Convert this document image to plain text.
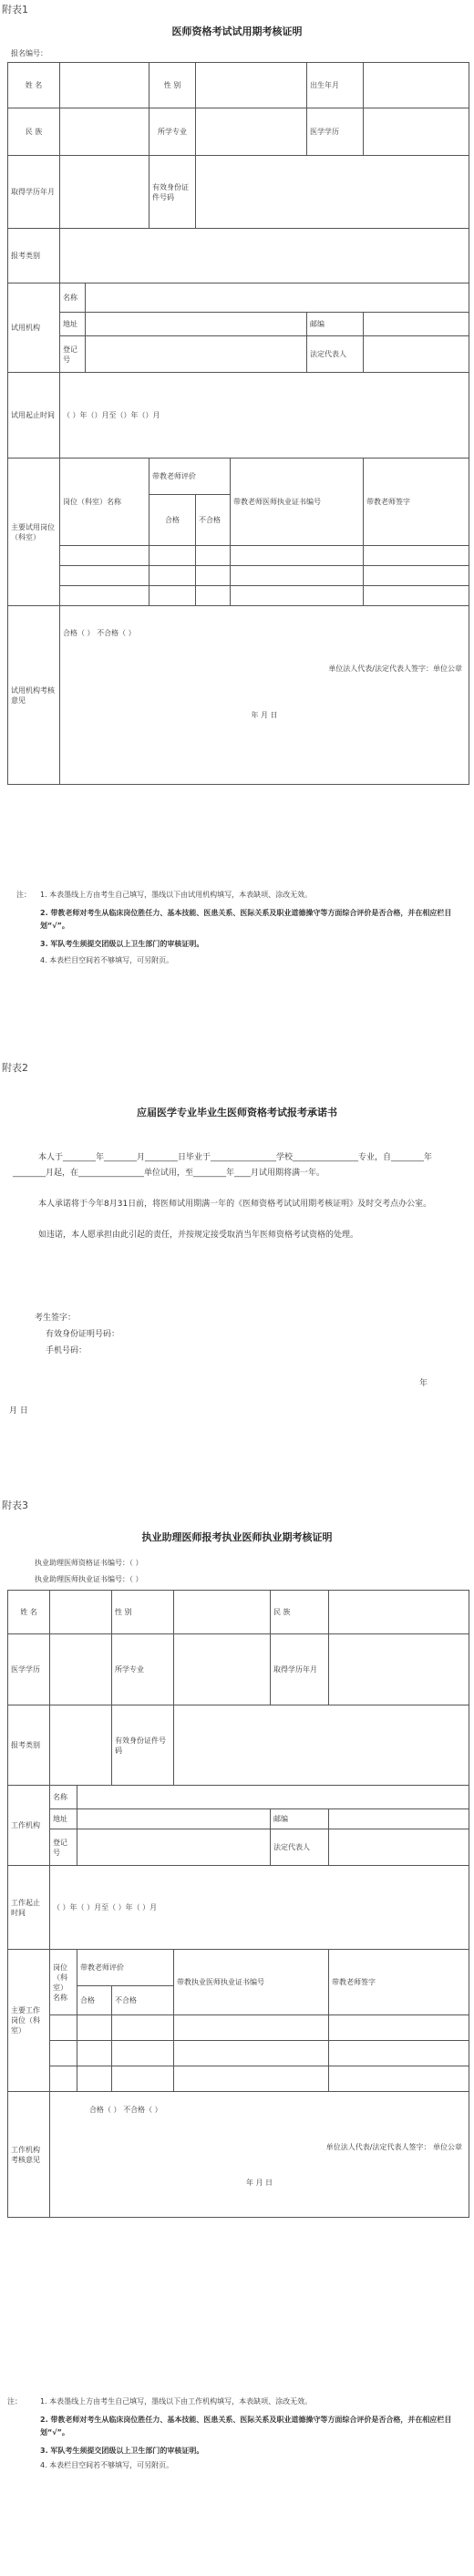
附表1
医师资格考试试用期考核证明
报名编号：
姓 名			性 别			出生年月	
民 族			所学专业			医学学历	
取得学历年月			有效身份证件号码				
报考类别							
试用机构	名称						
	地址					邮编	
	登记号					法定代表人	
试用起止时间	（ ）年（）月至（）年（）月						
主要试用岗位（科室）	岗位（科室）名称		带教老师评价		带教老师医师执业证书编号		带教老师签字
			合格	不合格			

试用机构考核意见	合格（ ） 不合格（ ）
单位法人代表/法定代表人签字：单位公章
年 月 日						
注：	1. 本表墨线上方由考生自己填写，墨线以下由试用机构填写，本表缺项、涂改无效。
2. 带教老师对考生从临床岗位胜任力、基本技能、医患关系、医际关系及职业道德操守等方面综合评价是否合格，并在相应栏目划“√”。
3. 军队考生须提交团级以上卫生部门的审核证明。
4. 本表栏目空间若不够填写，可另附页。
附表2
应届医学专业毕业生医师资格考试报考承诺书
本人于________年________月________日毕业于________________学校________________专业，自________年________月起，在________________单位试用，至________年____月试用期将满一年。
本人承诺将于今年8月31日前，将医师试用期满一年的《医师资格考试试用期考核证明》及时交考点办公室。
如违诺，本人愿承担由此引起的责任，并按规定接受取消当年医师资格考试资格的处理。
考生签字：
有效身份证明号码：
手机号码：
年
月 日
附表3
执业助理医师报考执业医师执业期考核证明
执业助理医师资格证书编号：（ ）
执业助理医师执业证书编号：（ ）
姓 名			性 别		民 族	
医学学历			所学专业		取得学历年月	
报考类别			有效身份证件号码			
工作机构	名称					
	地址				邮编	
	登记号				法定代表人	
工作起止时间	（ ）年（ ）月至（ ）年（ ）月					
主要工作岗位（科室）	岗位（科室）名称	带教老师评价		带教执业医师执业证书编号		带教老师签字
		合格	不合格			

工作机构考核意见	合格（ ） 不合格（ ）
单位法人代表/法定代表人签字： 单位公章
年 月 日					
注：	1. 本表墨线上方由考生自己填写，墨线以下由工作机构填写，本表缺项、涂改无效。
2. 带教老师对考生从临床岗位胜任力、基本技能、医患关系、医际关系及职业道德操守等方面综合评价是否合格，并在相应栏目划“√”。
3. 军队考生须提交团级以上卫生部门的审核证明。
4. 本表栏目空间若不够填写，可另附页。
